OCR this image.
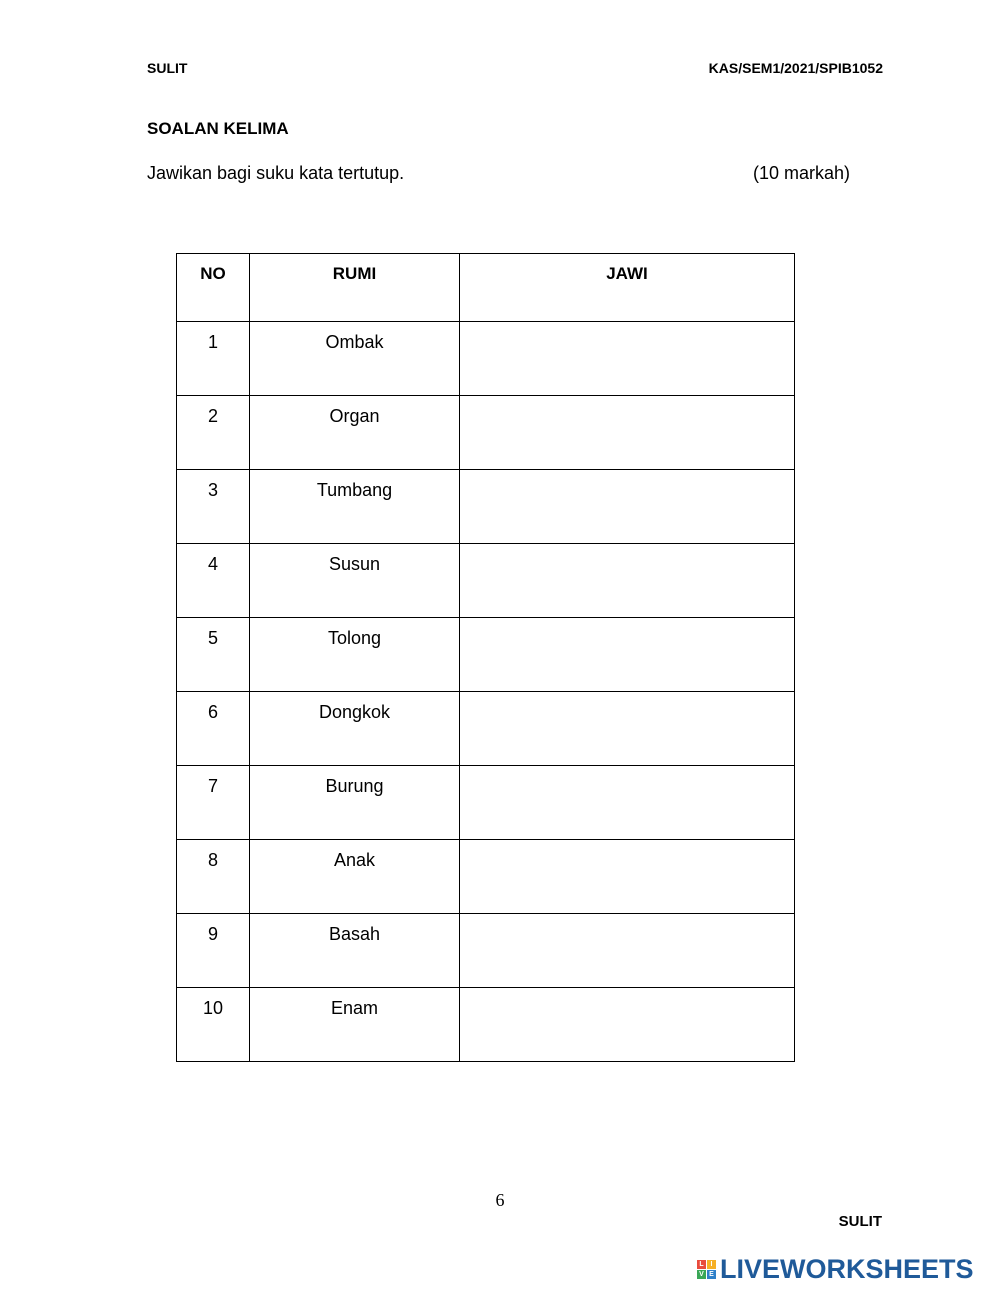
SULIT	KAS/SEM1/2021/SPIB1052
SOALAN KELIMA
Jawikan bagi suku kata tertutup.	(10 markah)
NO	RUMI	JAWI
1	Ombak	
2	Organ	
3	Tumbang	
4	Susun	
5	Tolong	
6	Dongkok	
7	Burung	
8	Anak	
9	Basah	
10	Enam	
6
SULIT
L I
V E LIVEWORKSHEETS
